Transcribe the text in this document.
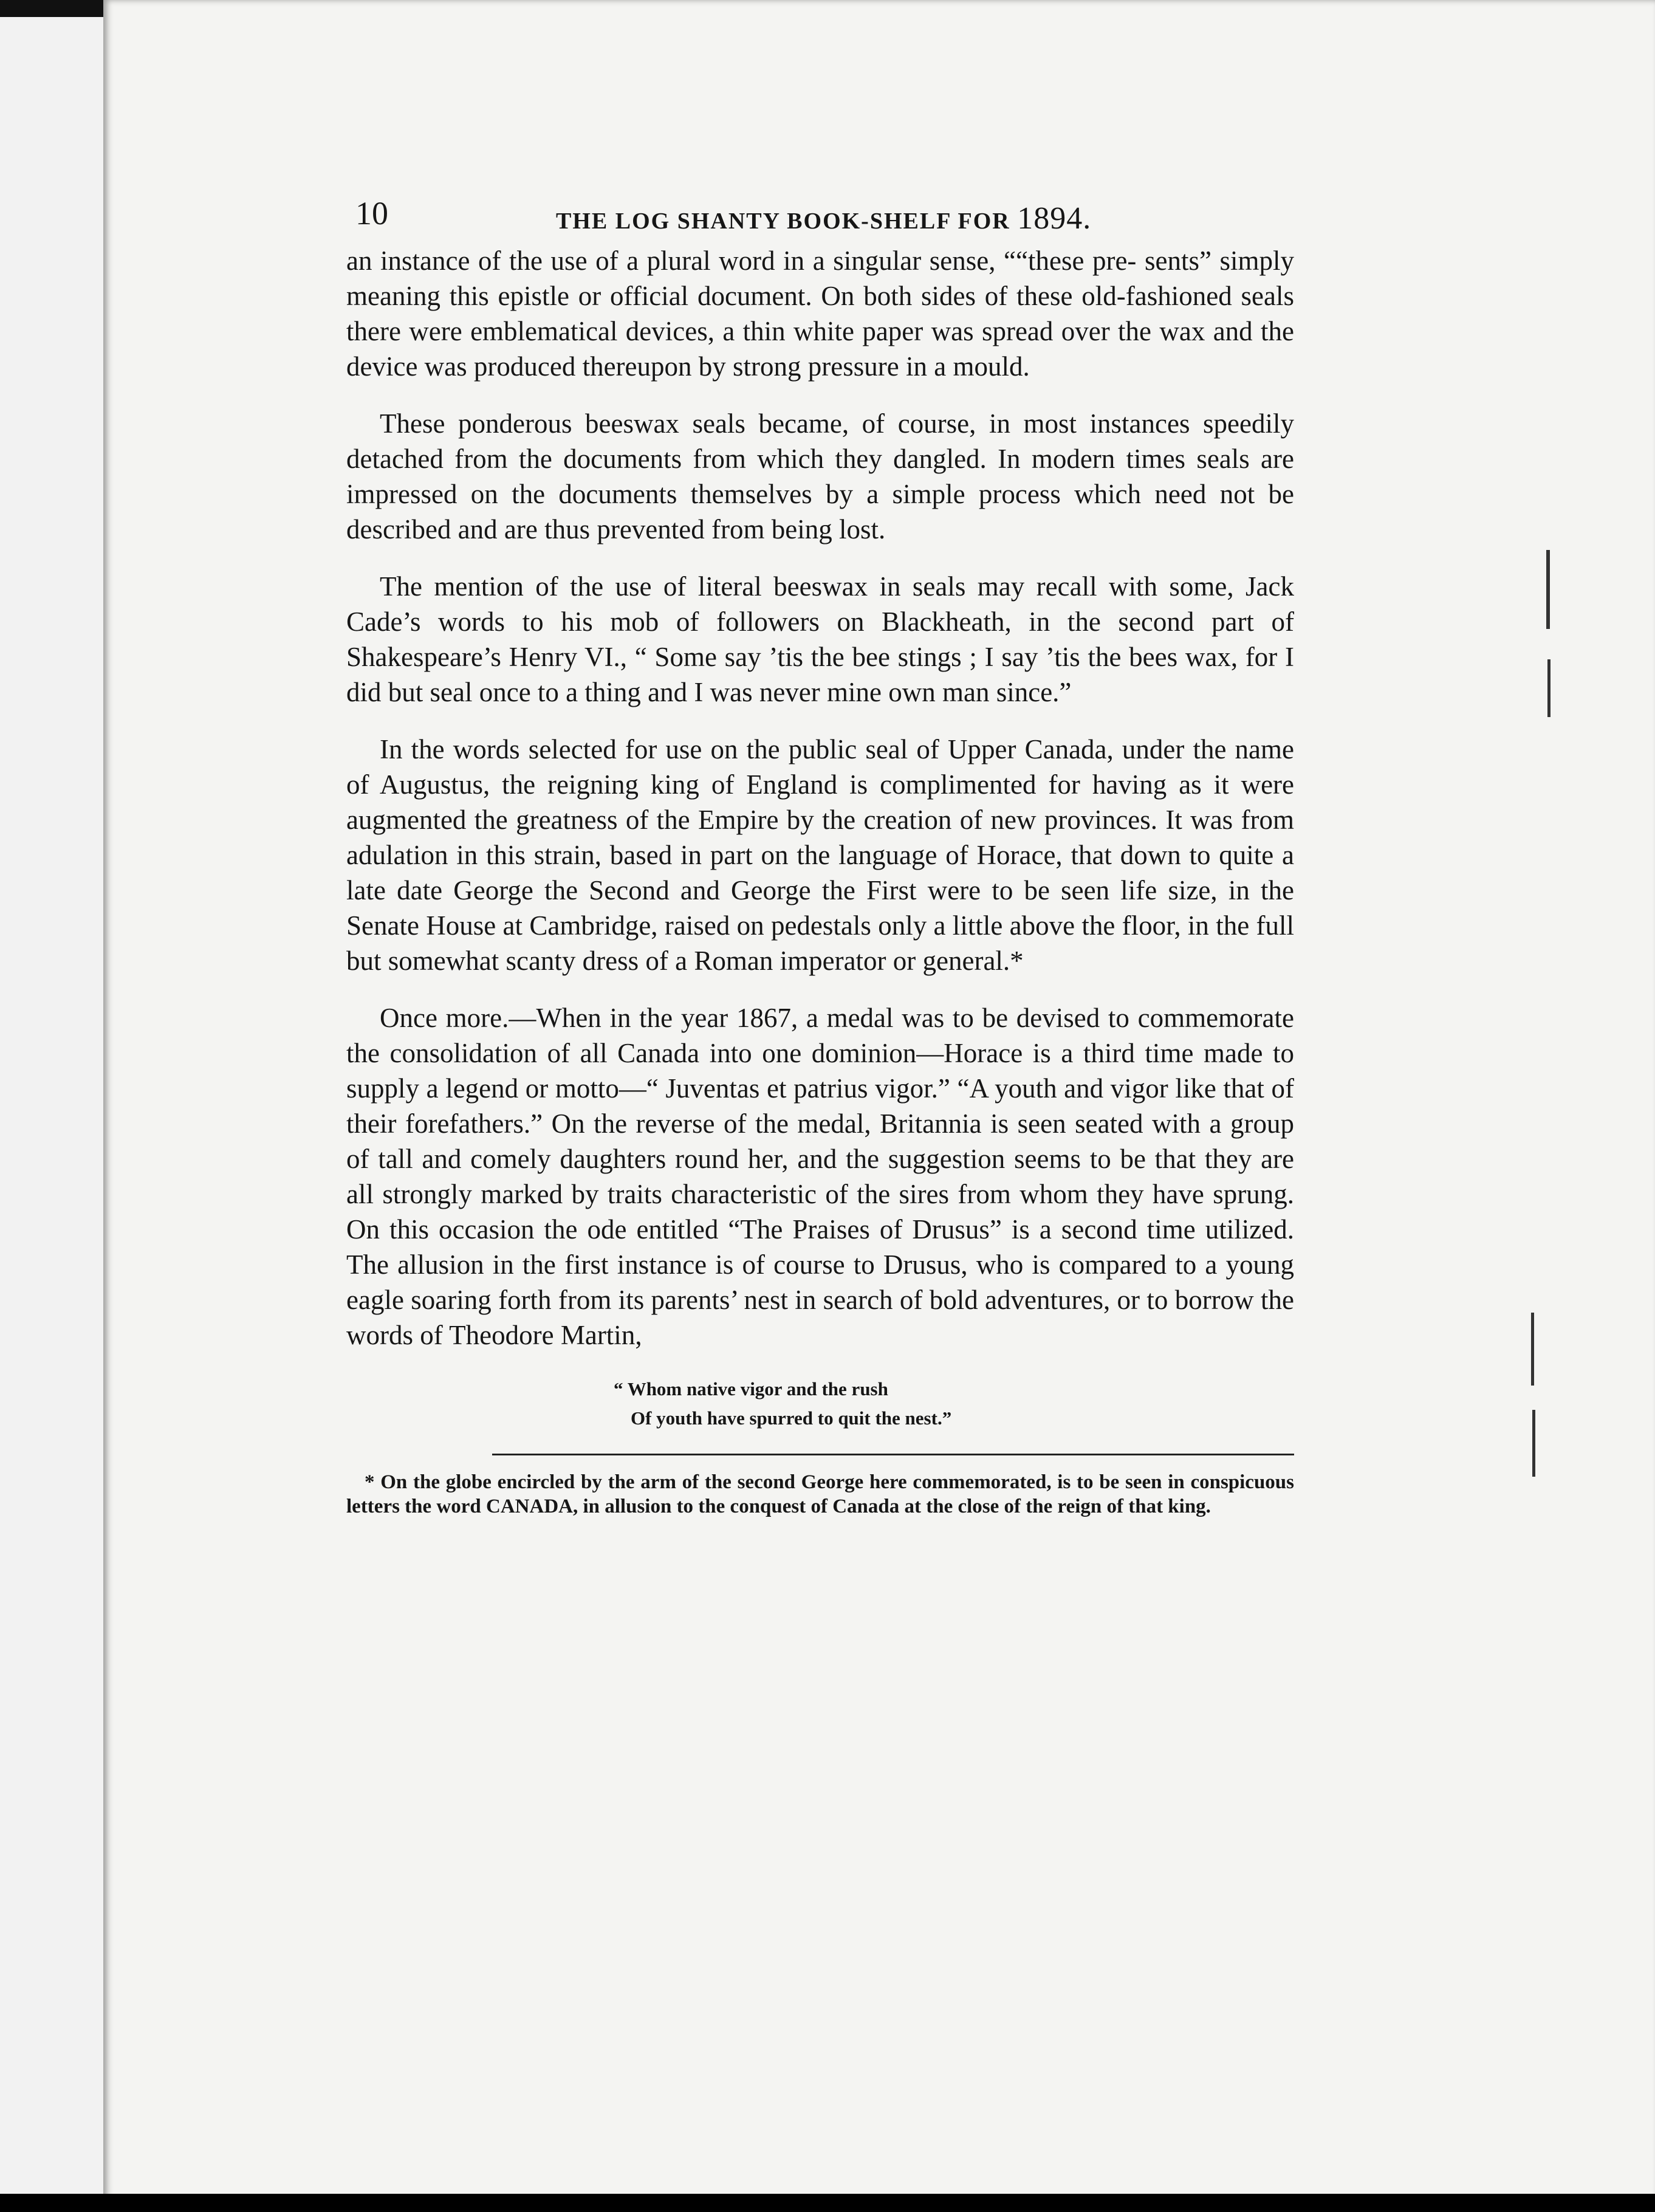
10	THE LOG SHANTY BOOK-SHELF FOR 1894.

an instance of the use of a plural word in a singular sense, ““these pre- sents” simply meaning this epistle or official document. On both sides of these old-fashioned seals there were emblematical devices, a thin white paper was spread over the wax and the device was produced thereupon by strong pressure in a mould.

These ponderous beeswax seals became, of course, in most instances speedily detached from the documents from which they dangled. In modern times seals are impressed on the documents themselves by a simple process which need not be described and are thus prevented from being lost.

The mention of the use of literal beeswax in seals may recall with some, Jack Cade’s words to his mob of followers on Blackheath, in the second part of Shakespeare’s Henry VI., “ Some say ’tis the bee stings ; I say ’tis the bees wax, for I did but seal once to a thing and I was never mine own man since.”

In the words selected for use on the public seal of Upper Canada, under the name of Augustus, the reigning king of England is complimented for having as it were augmented the greatness of the Empire by the creation of new provinces. It was from adulation in this strain, based in part on the language of Horace, that down to quite a late date George the Second and George the First were to be seen life size, in the Senate House at Cambridge, raised on pedestals only a little above the floor, in the full but somewhat scanty dress of a Roman imperator or general.*

Once more.—When in the year 1867, a medal was to be devised to commemorate the consolidation of all Canada into one dominion—Horace is a third time made to supply a legend or motto—“ Juventas et patrius vigor.” “A youth and vigor like that of their forefathers.” On the reverse of the medal, Britannia is seen seated with a group of tall and comely daughters round her, and the suggestion seems to be that they are all strongly marked by traits characteristic of the sires from whom they have sprung. On this occasion the ode entitled “The Praises of Drusus” is a second time utilized. The allusion in the first instance is of course to Drusus, who is compared to a young eagle soaring forth from its parents’ nest in search of bold adventures, or to borrow the words of Theodore Martin,

“ Whom native vigor and the rush
Of youth have spurred to quit the nest.”

* On the globe encircled by the arm of the second George here commemorated, is to be seen in conspicuous letters the word CANADA, in allusion to the conquest of Canada at the close of the reign of that king.
